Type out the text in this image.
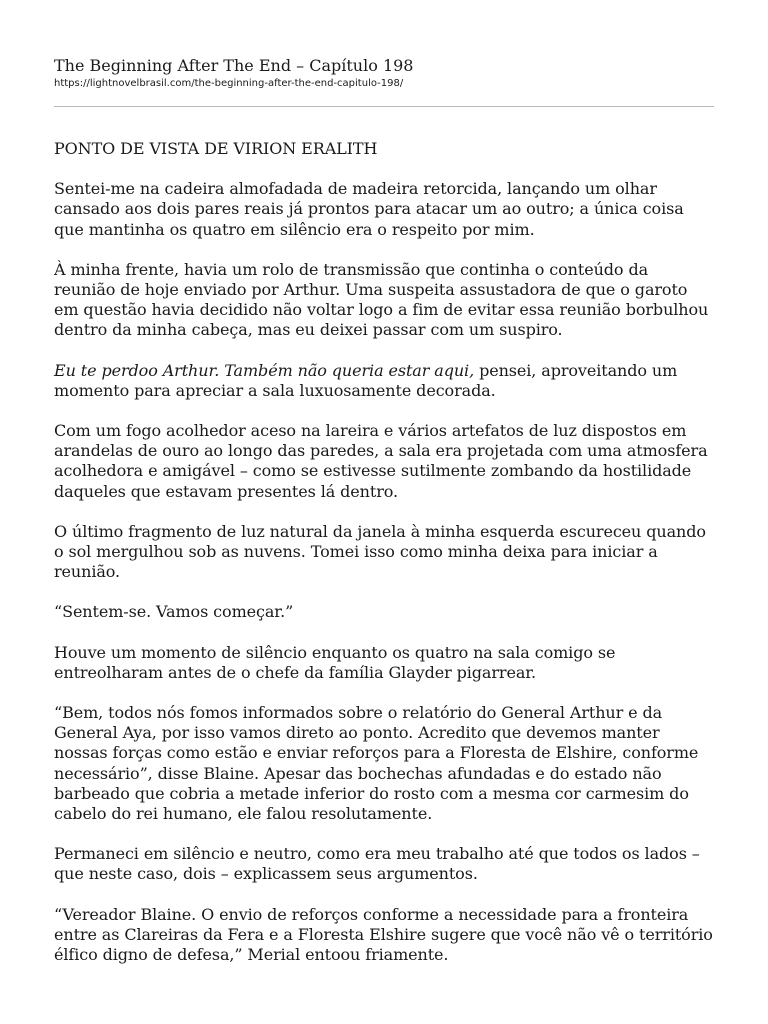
The Beginning After The End – Capítulo 198
https://lightnovelbrasil.com/the-beginning-after-the-end-capitulo-198/

PONTO DE VISTA DE VIRION ERALITH

Sentei-me na cadeira almofadada de madeira retorcida, lançando um olhar cansado aos dois pares reais já prontos para atacar um ao outro; a única coisa que mantinha os quatro em silêncio era o respeito por mim.

À minha frente, havia um rolo de transmissão que continha o conteúdo da reunião de hoje enviado por Arthur. Uma suspeita assustadora de que o garoto em questão havia decidido não voltar logo a fim de evitar essa reunião borbulhou dentro da minha cabeça, mas eu deixei passar com um suspiro.

Eu te perdoo Arthur. Também não queria estar aqui, pensei, aproveitando um momento para apreciar a sala luxuosamente decorada.

Com um fogo acolhedor aceso na lareira e vários artefatos de luz dispostos em arandelas de ouro ao longo das paredes, a sala era projetada com uma atmosfera acolhedora e amigável – como se estivesse sutilmente zombando da hostilidade daqueles que estavam presentes lá dentro.

O último fragmento de luz natural da janela à minha esquerda escureceu quando o sol mergulhou sob as nuvens. Tomei isso como minha deixa para iniciar a reunião.

“Sentem-se. Vamos começar.”

Houve um momento de silêncio enquanto os quatro na sala comigo se entreolharam antes de o chefe da família Glayder pigarrear.

“Bem, todos nós fomos informados sobre o relatório do General Arthur e da General Aya, por isso vamos direto ao ponto. Acredito que devemos manter nossas forças como estão e enviar reforços para a Floresta de Elshire, conforme necessário”, disse Blaine. Apesar das bochechas afundadas e do estado não barbeado que cobria a metade inferior do rosto com a mesma cor carmesim do cabelo do rei humano, ele falou resolutamente.

Permaneci em silêncio e neutro, como era meu trabalho até que todos os lados – que neste caso, dois – explicassem seus argumentos.

“Vereador Blaine. O envio de reforços conforme a necessidade para a fronteira entre as Clareiras da Fera e a Floresta Elshire sugere que você não vê o território élfico digno de defesa,” Merial entoou friamente.
